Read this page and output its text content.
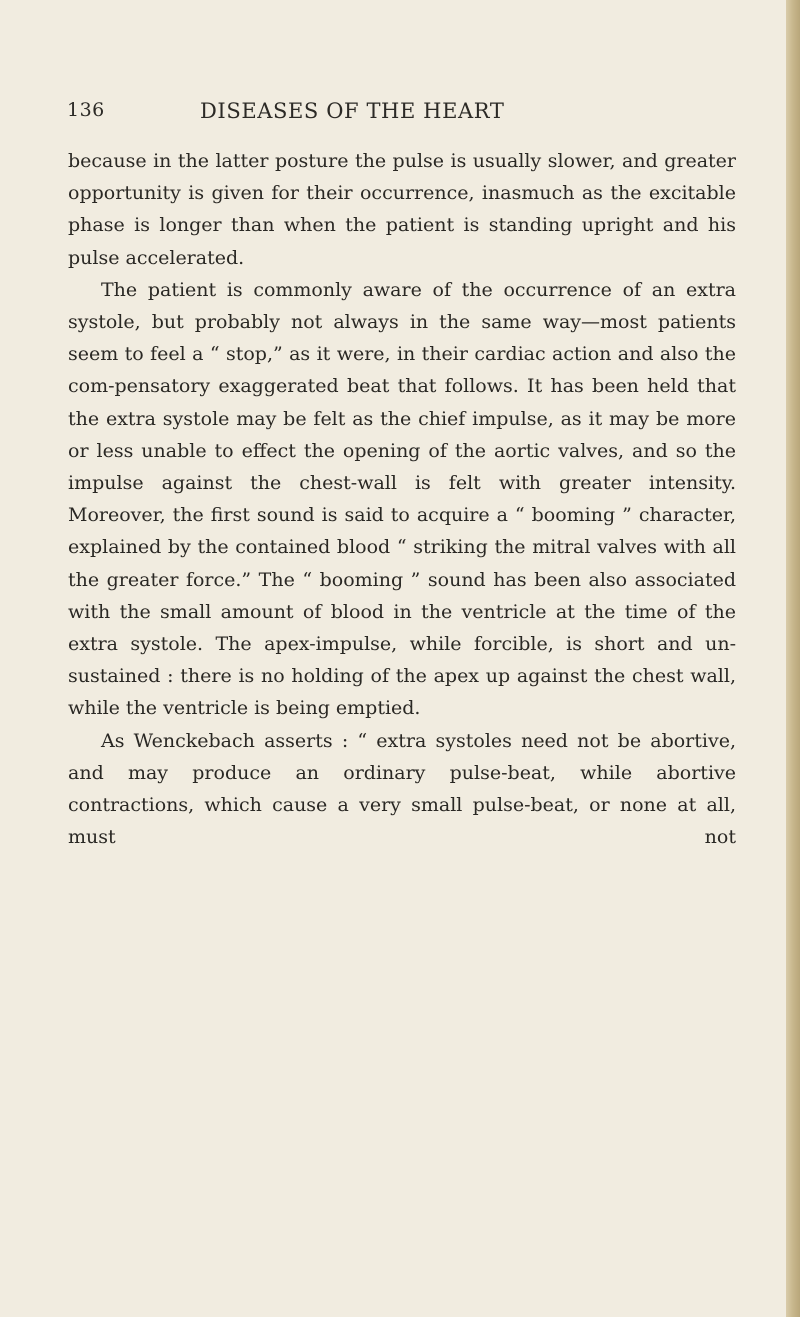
136	DISEASES OF THE HEART

because in the latter posture the pulse is usually slower, and greater opportunity is given for their occurrence, inasmuch as the excitable phase is longer than when the patient is standing upright and his pulse accelerated.

The patient is commonly aware of the occurrence of an extra systole, but probably not always in the same way—most patients seem to feel a “ stop,” as it were, in their cardiac action and also the com-pensatory exaggerated beat that follows. It has been held that the extra systole may be felt as the chief impulse, as it may be more or less unable to effect the opening of the aortic valves, and so the impulse against the chest-wall is felt with greater intensity. Moreover, the first sound is said to acquire a “ booming ” character, explained by the contained blood “ striking the mitral valves with all the greater force.” The “ booming ” sound has been also associated with the small amount of blood in the ventricle at the time of the extra systole. The apex-impulse, while forcible, is short and un-sustained : there is no holding of the apex up against the chest wall, while the ventricle is being emptied.

As Wenckebach asserts : “ extra systoles need not be abortive, and may produce an ordinary pulse-beat, while abortive contractions, which cause a very small pulse-beat, or none at all, must not
